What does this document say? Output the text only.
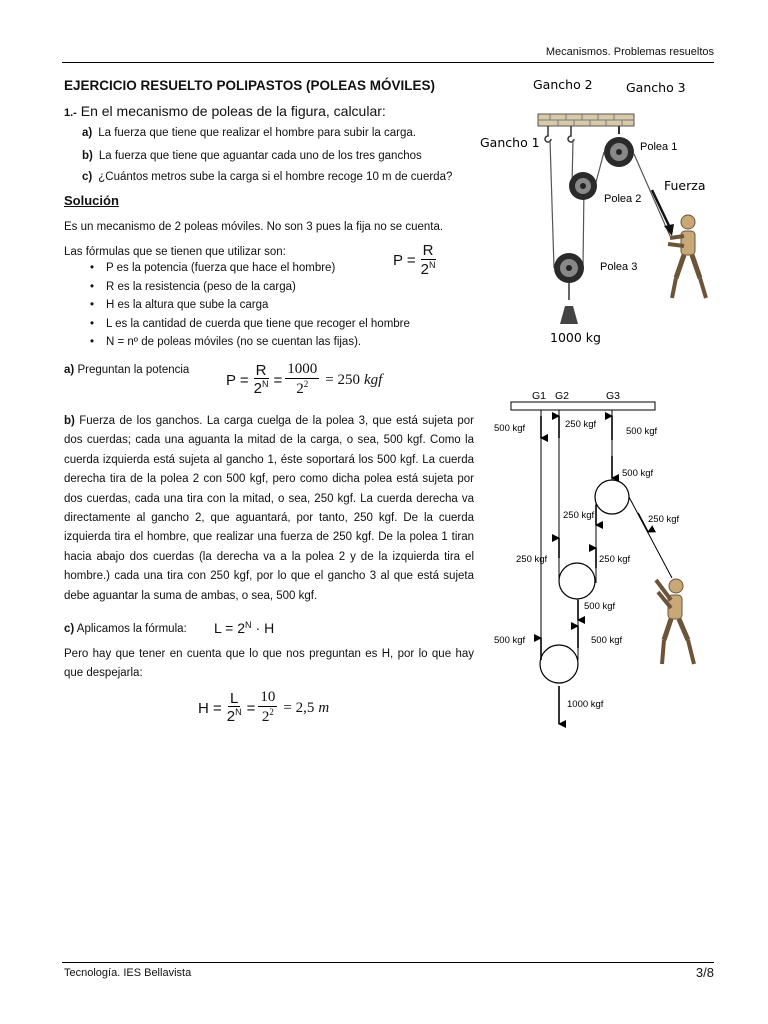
Mecanismos. Problemas resueltos
EJERCICIO RESUELTO POLIPASTOS (POLEAS MÓVILES)
1.- En el mecanismo de poleas de la figura, calcular:
a) La fuerza que tiene que realizar el hombre para subir la carga.
b) La fuerza que tiene que aguantar cada uno de los tres ganchos
c) ¿Cuántos metros sube la carga si el hombre recoge 10 m de cuerda?
Solución
Es un mecanismo de 2 poleas móviles. No son 3 pues la fija no se cuenta.
Las fórmulas que se tienen que utilizar son:	$P = \frac{R}{2^N}$
• P es la potencia (fuerza que hace el hombre)
• R es la resistencia (peso de la carga)
• H es la altura que sube la carga
• L es la cantidad de cuerda que tiene que recoger el hombre
• N = nº de poleas móviles (no se cuentan las fijas).
a) Preguntan la potencia
$P = \frac{R}{2^N} = \frac{1000}{2^2} = 250$ kgf
b) Fuerza de los ganchos. La carga cuelga de la polea 3, que está sujeta por dos cuerdas; cada una aguanta la mitad de la carga, o sea, 500 kgf. Como la cuerda izquierda está sujeta al gancho 1, éste soportará los 500 kgf. La cuerda derecha tira de la polea 2 con 500 kgf, pero como dicha polea está sujeta por dos cuerdas, cada una tira con la mitad, o sea, 250 kgf. La cuerda derecha va directamente al gancho 2, que aguantará, por tanto, 250 kgf. De la cuerda izquierda tira el hombre, que realizar una fuerza de 250 kgf. De la polea 1 tiran hacia abajo dos cuerdas (la derecha va a la polea 2 y de la izquierda tira el hombre.) cada una tira con 250 kgf, por lo que el gancho 3 al que está sujeta debe aguantar la suma de ambas, o sea, 500 kgf.
c) Aplicamos la fórmula: $L = 2^N \cdot H$
Pero hay que tener en cuenta que lo que nos preguntan es H, por lo que hay que despejarla:
$H = \frac{L}{2^N} = \frac{10}{2^2} = 2,5$ m
Gancho 2	Gancho 3
Gancho 1	Polea 1
Fuerza
Polea 2
Polea 3
1000 kg
G1 G2	G3
500 kgf	250 kgf
500 kgf
500 kgf
250 kgf	250 kgf
250 kgf	250 kgf
500 kgf
500 kgf	500 kgf
1000 kgf
Tecnología. IES Bellavista	3/8
